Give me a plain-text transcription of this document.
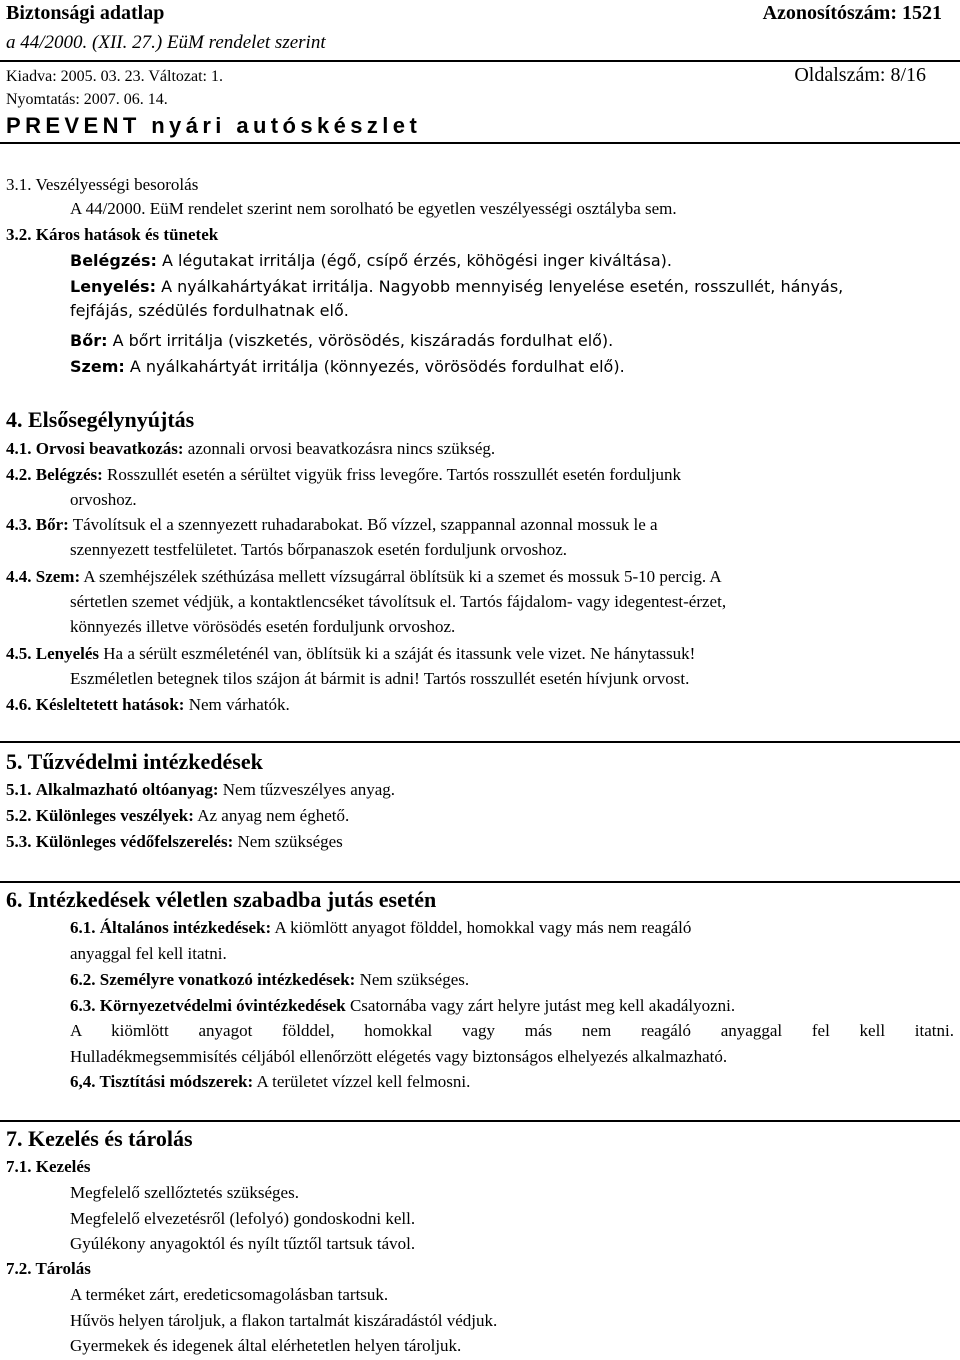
Biztonsági adatlap	Azonosítószám: 1521
a 44/2000. (XII. 27.) EüM rendelet szerint
Kiadva: 2005. 03. 23. Változat: 1.	Oldalszám: 8/16
Nyomtatás: 2007. 06. 14.
PREVENT nyári autóskészlet
3.1. Veszélyességi besorolás
A 44/2000. EüM rendelet szerint nem sorolható be egyetlen veszélyességi osztályba sem.
3.2. Káros hatások és tünetek
Belégzés: A légutakat irritálja (égő, csípő érzés, köhögési inger kiváltása).
Lenyelés: A nyálkahártyákat irritálja. Nagyobb mennyiség lenyelése esetén, rosszullét, hányás,
fejfájás, szédülés fordulhatnak elő.
Bőr: A bőrt irritálja (viszketés, vörösödés, kiszáradás fordulhat elő).
Szem: A nyálkahártyát irritálja (könnyezés, vörösödés fordulhat elő).
4. Elsősegélynyújtás
4.1. Orvosi beavatkozás: azonnali orvosi beavatkozásra nincs szükség.
4.2. Belégzés: Rosszullét esetén a sérültet vigyük friss levegőre. Tartós rosszullét esetén forduljunk
orvoshoz.
4.3. Bőr: Távolítsuk el a szennyezett ruhadarabokat. Bő vízzel, szappannal azonnal mossuk le a
szennyezett testfelületet. Tartós bőrpanaszok esetén forduljunk orvoshoz.
4.4. Szem: A szemhéjszélek széthúzása mellett vízsugárral öblítsük ki a szemet és mossuk 5-10 percig. A
sértetlen szemet védjük, a kontaktlencséket távolítsuk el. Tartós fájdalom- vagy idegentest-érzet,
könnyezés illetve vörösödés esetén forduljunk orvoshoz.
4.5. Lenyelés Ha a sérült eszméleténél van, öblítsük ki a száját és itassunk vele vizet. Ne hánytassuk!
Eszméletlen betegnek tilos szájon át bármit is adni! Tartós rosszullét esetén hívjunk orvost.
4.6. Késleltetett hatások: Nem várhatók.
5. Tűzvédelmi intézkedések
5.1. Alkalmazható oltóanyag: Nem tűzveszélyes anyag.
5.2. Különleges veszélyek: Az anyag nem éghető.
5.3. Különleges védőfelszerelés: Nem szükséges
6. Intézkedések véletlen szabadba jutás esetén
6.1. Általános intézkedések: A kiömlött anyagot földdel, homokkal vagy más nem reagáló
anyaggal fel kell itatni.
6.2. Személyre vonatkozó intézkedések: Nem szükséges.
6.3. Környezetvédelmi óvintézkedések Csatornába vagy zárt helyre jutást meg kell akadályozni.
A kiömlött anyagot földdel, homokkal vagy más nem reagáló anyaggal fel kell itatni.
Hulladékmegsemmisítés céljából ellenőrzött elégetés vagy biztonságos elhelyezés alkalmazható.
6,4. Tisztítási módszerek: A területet vízzel kell felmosni.
7. Kezelés és tárolás
7.1. Kezelés
Megfelelő szellőztetés szükséges.
Megfelelő elvezetésről (lefolyó) gondoskodni kell.
Gyúlékony anyagoktól és nyílt tűztől tartsuk távol.
7.2. Tárolás
A terméket zárt, eredeticsomagolásban tartsuk.
Hűvös helyen tároljuk, a flakon tartalmát kiszáradástól védjuk.
Gyermekek és idegenek által elérhetetlen helyen tároljuk.
